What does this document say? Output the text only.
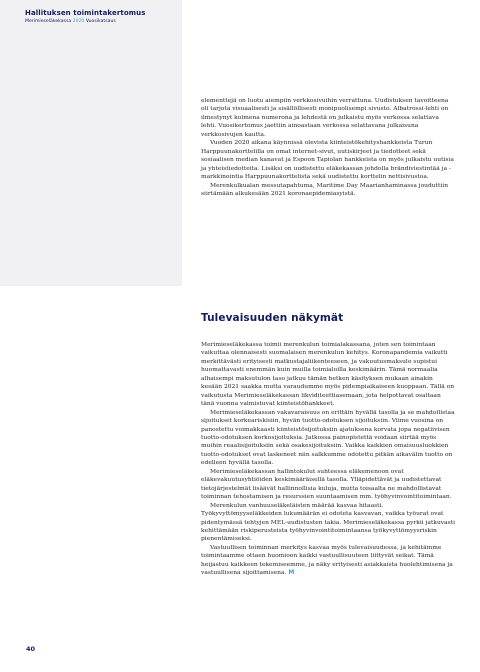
Hallituksen toimintakertomus
Merimieseläkekassa 2020 Vuosikatsaus

elementtejä on luotu aiempiin verkkosivuihin verrattuna. Uudistuksen tavoitteena oli tarjota visuaalisesti ja sisällöllisesti monipuolisempi sivusto. Albatrossi-lehti on ilmestynyt kolmena numerona ja lehdestä on julkaistu myös verkossa selattava lehti. Vuosikertomus jaettiin ainoastaan verkossa selattavana julkaisuna verkkosivujen kautta.

Vuoden 2020 aikana käynnissä olevista kiinteistökehityshankkeista Turun Harppuunakorttelilla on omat internet-sivut, uutiskirjeet ja tiedotteet sekä sosiaalisen median kanavat ja Espoon Tapiolan hankkeista on myös julkaistu uutisia ja yhteistiedotteita. Lisäksi on uudistettu eläkekassan johdolla brändiviestintää ja -markkinointia Harppuunakorttelista sekä uudistettu korttelin nettisivustoa.

Merenkulkualan messutapahtuma, Maritime Day Maarianhaminassa jouduttiin siirtämään alkukesään 2021 koronaepidemiasyistä.

Tulevaisuuden näkymät

Merimieseläkekassa toimii merenkulun toimialakassana, joten sen toimintaan vaikuttaa olennaisesti suomalaisen merenkulun kehitys. Koronapandemia vaikutti merkittävästi erityisesti matkustajaliikenteeseen, ja vakuutusmaksulo supistui huomattavasti enemmän kuin muilla toimialoilla keskimäärin. Tämä normaalia alhaisempi maksutulon taso jatkuu tämän hetken käsityksen mukaan ainakin kesään 2021 saakka mutta varaudumme myös pidempiaikaiseen kuoppaan. Tällä on vaikutusta Merimieseläkekassan likviditeettiasemaan, jota helpottavat osaltaan tänä vuonna valmistuvat kiinteistöhankkeet.

Merimieseläkekassan vakavaraisuus on erittäin hyvällä tasolla ja se mahdollistaa sijoitukset korkeariskisiin, hyvän tuotto-odotuksen sijoituksiin. Viime vuosina on panostettu voimakkaasti kiinteistösijoituksiin ajatuksena korvata jopa negatiivisen tuotto-odotuksen korkosijoituksia. Jatkossa painopistettä voidaan siirtää myös muihin reaalisijoituksiin sekä osakesijoituksiin. Vaikka kaikkien omaisuusluokkien tuotto-odotukset ovat laskeneet niin salkkumme odotettu pitkän aikavälin tuotto on edelleen hyvällä tasolla.

Merimieseläkekassan hallintokulut suhteessa eläkemenoon ovat eläkevakuutusyhtiöiden keskimääräisellä tasolla. Ylläpidettävät ja uudistettavat tietojärjestelmät lisäävät hallinnollisia kuluja, mutta toisaalta ne mahdollistavat toiminnan tehostamisen ja resurssien suuntaamisen mm. työhyvinvointitoimintaan.

Merenkulun vanhuuseläkeläisten määrää kasvaa hitaasti. Työkyvyttömyyseläkkeiden lukumäärän ei odoteta kasvavan, vaikka työurat ovat pidentymässä tehtyjen MEL-uudistusten takia. Merimieseläkekassa pyrkii jatkuvasti kehittämään riskiperusteista työhyvinvointitoimintaansa työkyvyttömyysriskin pienentämiseksi.

Vastuullisen toiminnan merkitys kasvaa myös tulevaisuudessa, ja kehitämme toimintaamme ottaen huomioon kaikki vastuullisuuteen liittyvät seikat. Tämä heijastuu kaikkeen tekemiseemme, ja näky erityisesti asiakkaista huolehtimisena ja vastuullisena sijoittamisena. M

40
